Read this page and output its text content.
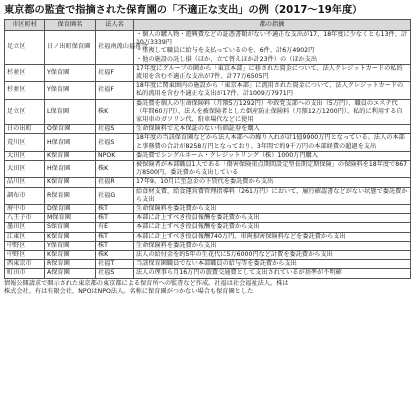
東京都の監査で指摘された保育園の「不適正な支出」の例（2017〜19年度）
市区町村	保育園名	法人名	都の指摘
足立区	日ノ出町保育園	社福南流山福祉会	・個人の購入物・遊興費などの証憑書類がない不適正な支出が17、18年度に少なくとも13件、計10万3339円
・重複して職員に給与を支払っているのを、6件、計6万4902円
・他の施設の託し損（ほか、立て替えほか計23件）の（ほか支出

杉並区	Y保育園	社福F	17年度にグループの園から「東京本部」に移された資金について、法人クレジットカードの私的流用を含む不適正な支出が7件、計77万6505円

杉並区	Y保育園	社福F	18年度に関東圏内の施設から「東京本部」に流用された資金について、法人クレジットカードの私的流用を含む不適正な支出が17件、計1009万7971円

足立区	L保育園	株K	委託費を個人の生命保険料（月額5万1292円）や政党支部への支出（5万円）、職員のエステ代（年間60万円）、法人を被保険者とした倒産防止保険料（月額12万1200円）、私的に利用する自家用車のガソリン代、駐車場代などに使用

日の出町	O保育園	社福S	生命保険料で元本保証のない有価証券を購入

荒川区	H保育園	社福S	18年度の当該保育園などから法人本部への繰り入れが計1億9900万円となっている。法人の本部と事務費の合計が8258万円となっており、3年間で約9千万円の本部経費の超過を支出

大田区	K保育園	NPOK	委託費でシングルネーム・クレジットリング（株）1000万円購入

大田区	H保育園	株K	被保険者が本部職員1人である「傷害保険重点期間設定型長期定期保険」の保険料を18年度で867万8500円、委託費から支出している

品川区	K保育園	社福R	17年9、10月に至急金の下賃代を委託費から支出

調布市	R保育園	社福G	給食材支費、給食運営費管理指導料（261万円）において、履行確認書などがない状態で委託費から支出

府中市	D保育園	株T	生命保険料を委託費から支出

八王子市	M保育園	株T	本部に計上すべき役員報酬を委託費から支出

墨田区	S保育園	有E	本部に計上すべき役員報酬を委託費から支出

江東区	K保育園	株T	本部に計上すべき役員報酬740万円、車両損害保険料などを委託費から支出

中野区	Y保育園	株T	生命保険料を委託費から支出

中野区	K保育園	株K	法人の給付金を約5年の生花代に5万6000円など計費を委託費から支出

西東京市	R保育園	社福T	当該保育園職員でない本部職員の給与等を委託費から支出

町田市	A保育園	社福S	法人の理事ら月16万円の旅費交通費として支出されているが基準が不明確
情報公開請求で開示された東京都の東京都による保育所への監査など作成。社福は社会福祉法人。株は
株式会社、有は有限会社、NPOはNPO法人。名称に保育園がつかない場合も保育園とした
